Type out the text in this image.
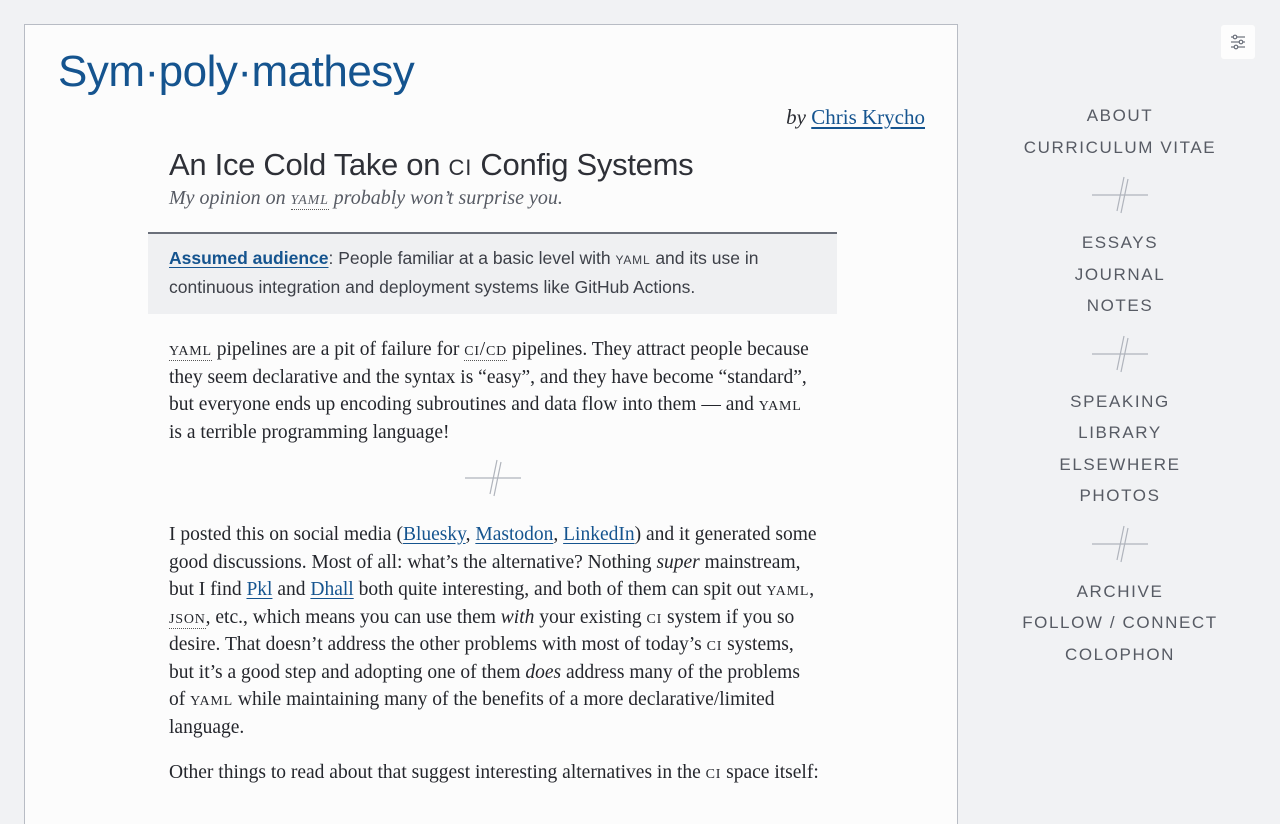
Sym·poly·mathesy
by Chris Krycho
An Ice Cold Take on ci Config Systems

My opinion on yaml probably won’t surprise you.

Assumed audience: People familiar at a basic level with yaml and its use in continuous integration and deployment systems like GitHub Actions.

yaml pipelines are a pit of failure for ci/cd pipelines. They attract people because they seem declarative and the syntax is “easy”, and they have become “standard”, but everyone ends up encoding subroutines and data flow into them — and yaml is a terrible programming language!

I posted this on social media (Bluesky, Mastodon, LinkedIn) and it generated some good discussions. Most of all: what’s the alternative? Nothing super mainstream, but I find Pkl and Dhall both quite interesting, and both of them can spit out yaml, json, etc., which means you can use them with your existing ci system if you so desire. That doesn’t address the other problems with most of today’s ci systems, but it’s a good step and adopting one of them does address many of the problems of yaml while maintaining many of the benefits of a more declarative/limited language.

Other things to read about that suggest interesting alternatives in the ci space itself:

ABOUT
CURRICULUM VITAE
ESSAYS
JOURNAL
NOTES
SPEAKING
LIBRARY
ELSEWHERE
PHOTOS
ARCHIVE
FOLLOW / CONNECT
COLOPHON
